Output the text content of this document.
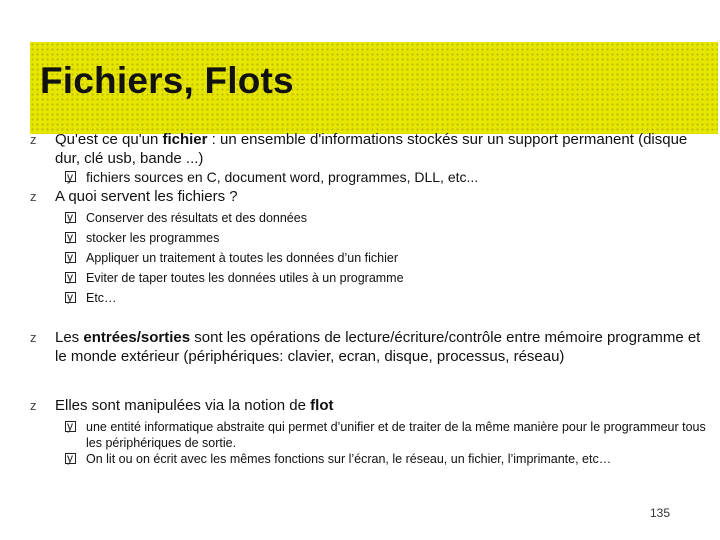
Fichiers, Flots

z Qu'est ce qu'un fichier : un ensemble d'informations stockés sur un support permanent (disque dur, clé usb, bande ...)

y
fichiers sources en C, document word, programmes, DLL, etc...

z A quoi servent les fichiers ?

y
Conserver des résultats et des données

y
stocker les programmes

y
Appliquer un traitement à toutes les données d’un fichier

y
Eviter de taper toutes les données utiles à un programme

y
Etc…

z Les entrées/sorties sont les opérations de lecture/écriture/contrôle entre mémoire programme et le monde extérieur (périphériques: clavier, ecran, disque, processus, réseau)

z Elles sont manipulées via la notion de flot

y
une entité informatique abstraite qui permet d’unifier et de traiter de la même manière pour le programmeur tous les périphériques de sortie.

y
On lit ou on écrit avec les mêmes fonctions sur l’écran, le réseau, un fichier, l’imprimante, etc…

135
